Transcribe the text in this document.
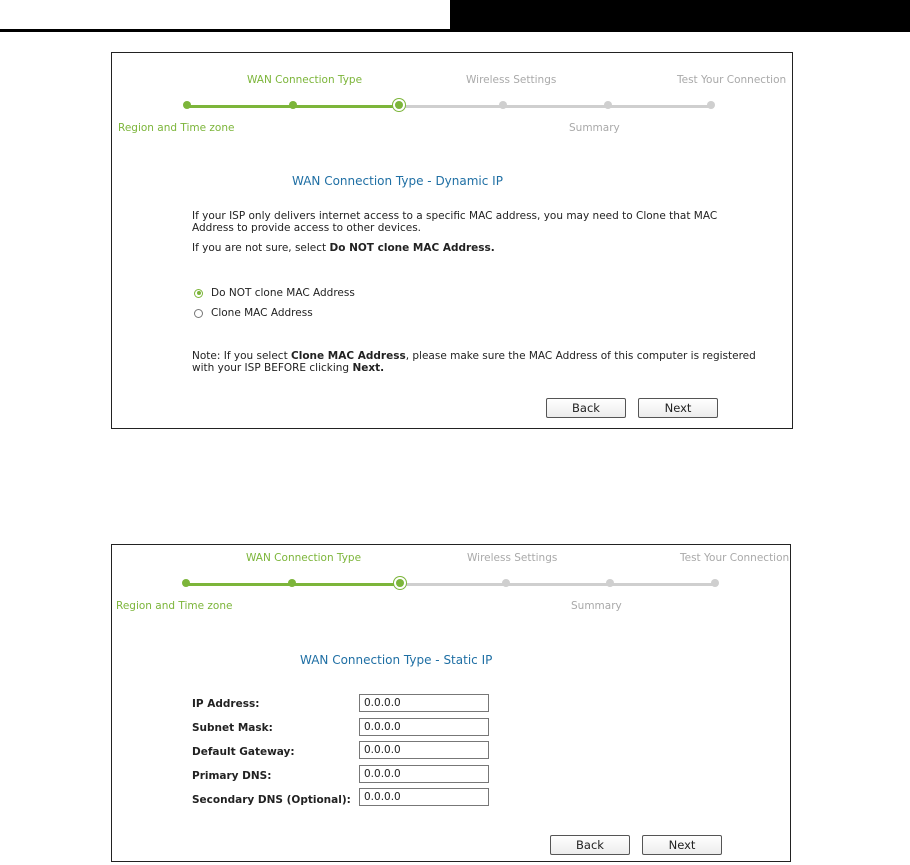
WAN Connection Type	Wireless Settings	Test Your Connection
Region and Time zone	Summary
WAN Connection Type - Dynamic IP
If your ISP only delivers internet access to a specific MAC address, you may need to Clone that MAC
Address to provide access to other devices.
If you are not sure, select Do NOT clone MAC Address.
Do NOT clone MAC Address
Clone MAC Address
Note: If you select Clone MAC Address, please make sure the MAC Address of this computer is registered
with your ISP BEFORE clicking Next.
Back	Next
WAN Connection Type	Wireless Settings	Test Your Connection
Region and Time zone	Summary
WAN Connection Type - Static IP
IP Address:
0.0.0.0
Subnet Mask:
0.0.0.0
Default Gateway:
0.0.0.0
Primary DNS:
0.0.0.0
Secondary DNS (Optional):
0.0.0.0
Back	Next
